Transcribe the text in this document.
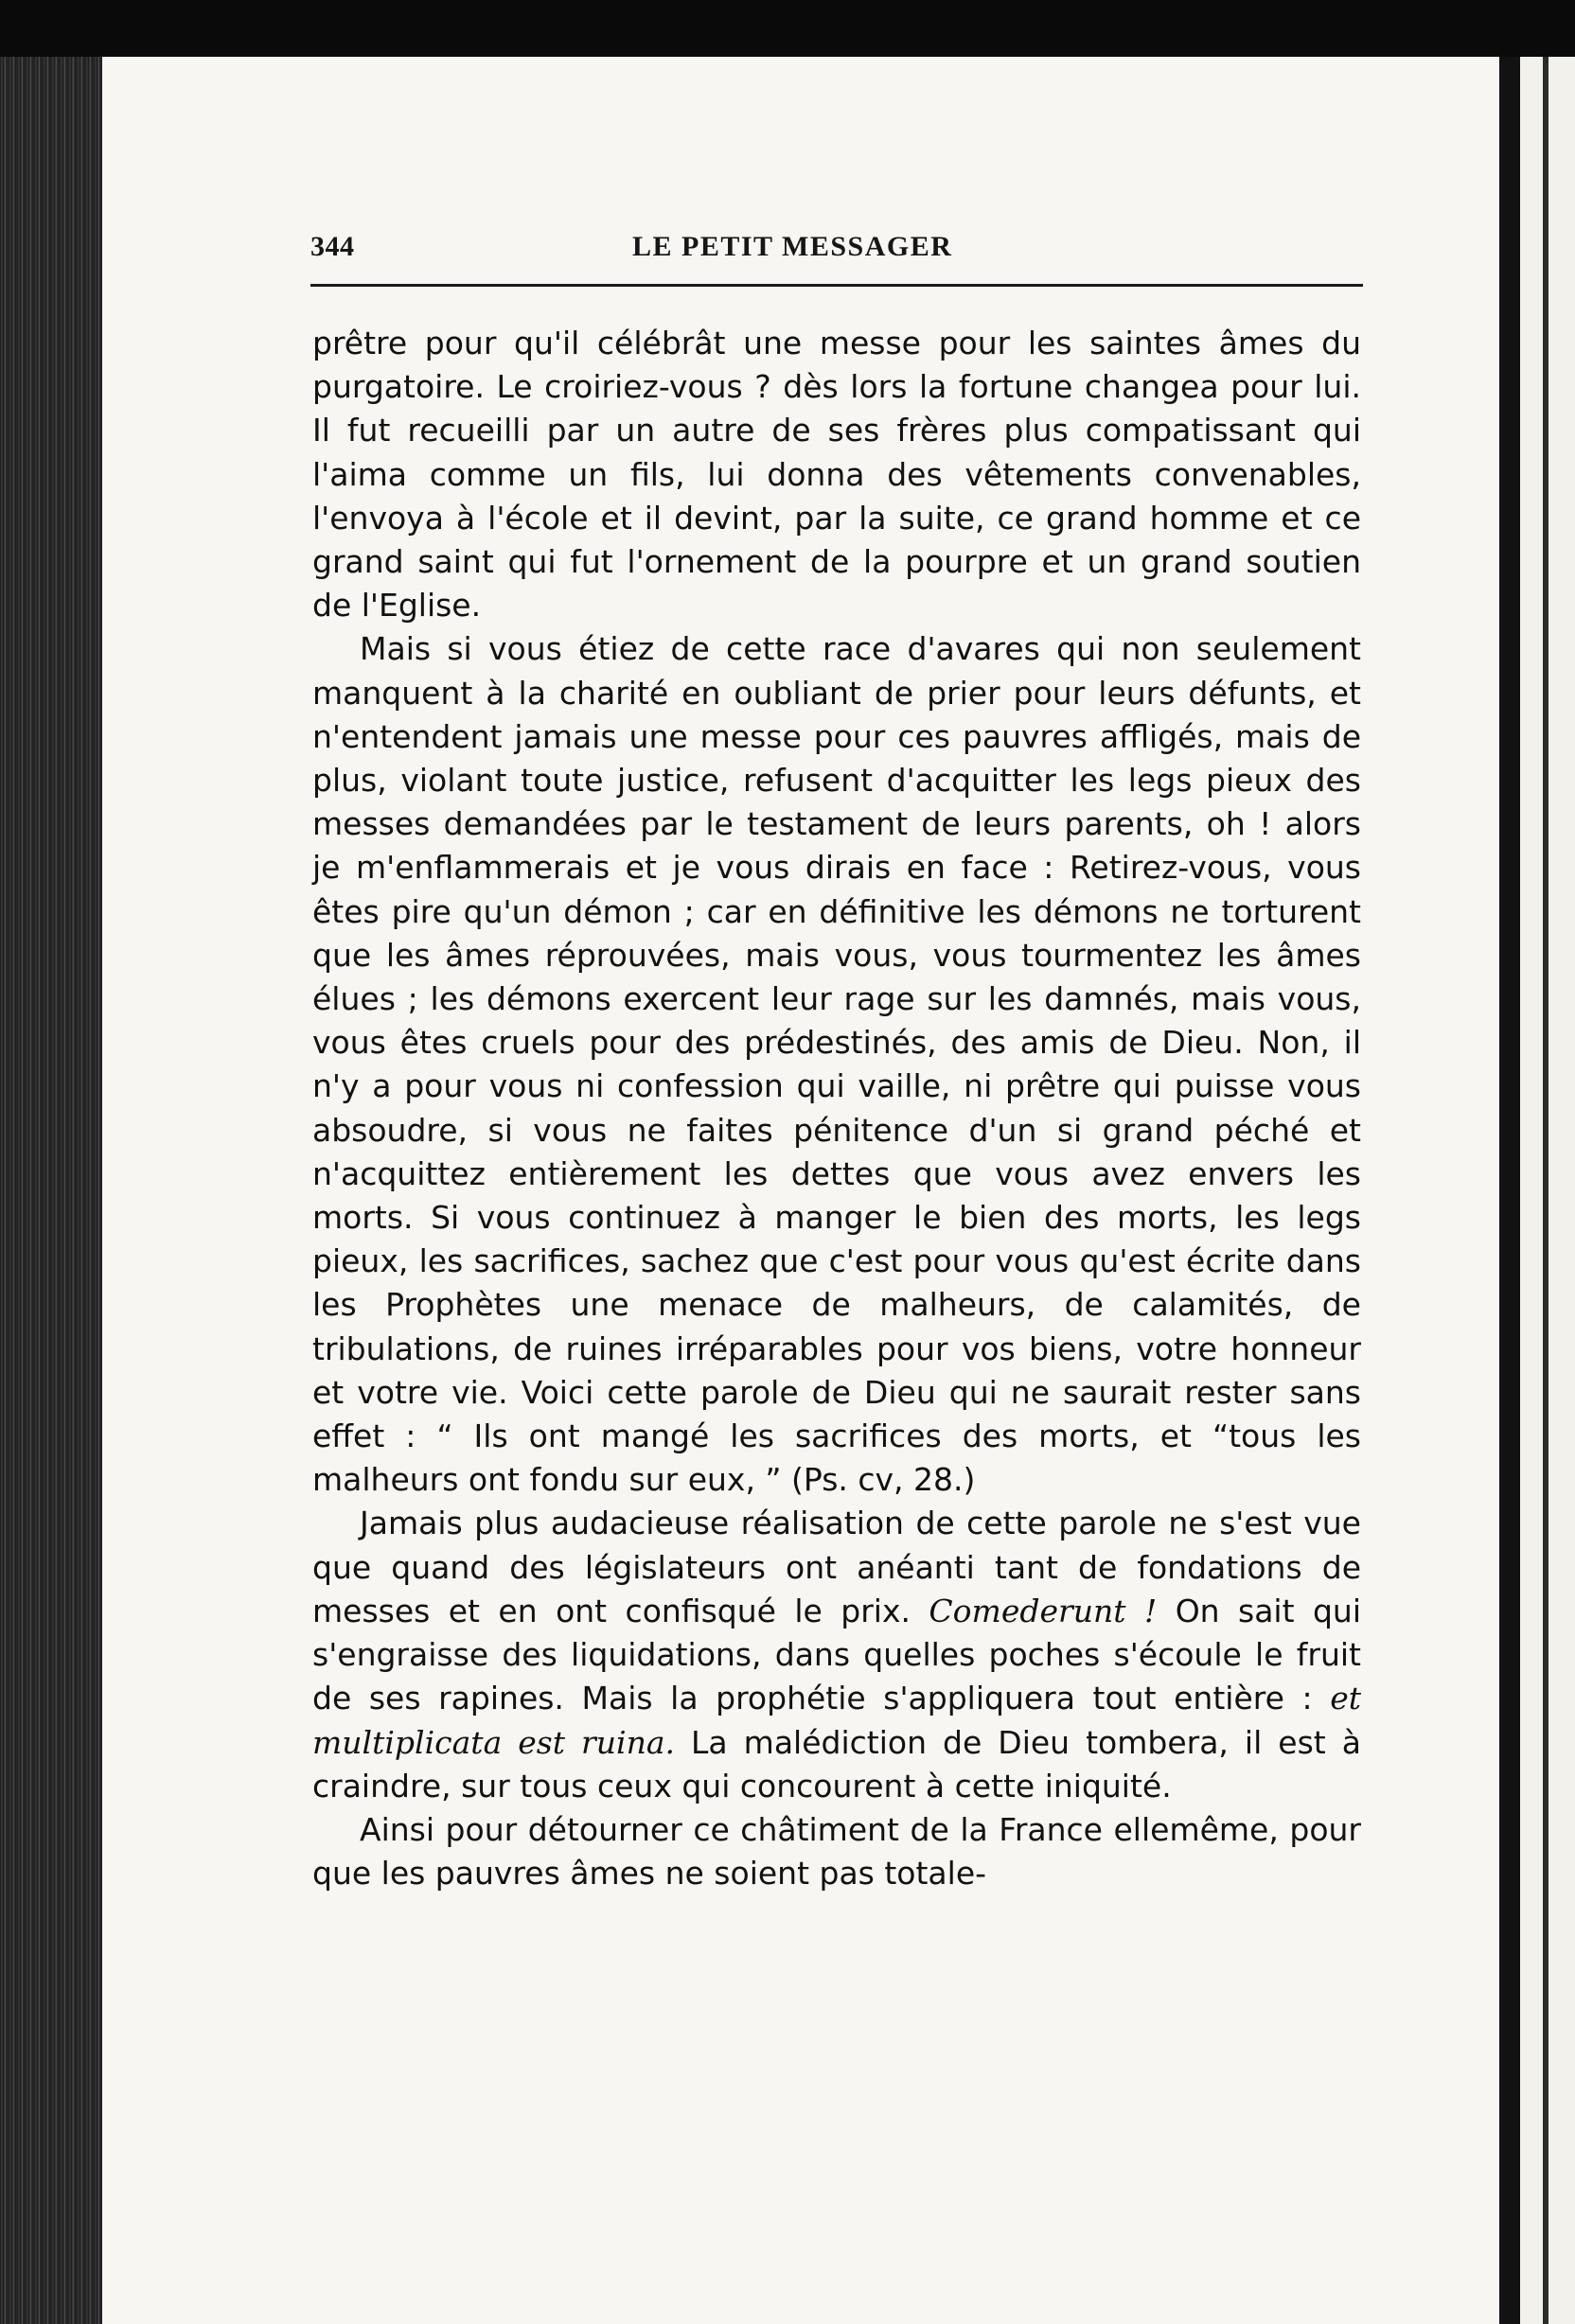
344	LE PETIT MESSAGER

prêtre pour qu'il célébrât une messe pour les saintes âmes du purgatoire. Le croiriez-vous ? dès lors la fortune changea pour lui. Il fut recueilli par un autre de ses frères plus compatissant qui l'aima comme un fils, lui donna des vêtements convenables, l'envoya à l'école et il devint, par la suite, ce grand homme et ce grand saint qui fut l'ornement de la pourpre et un grand soutien de l'Eglise.

Mais si vous étiez de cette race d'avares qui non seulement manquent à la charité en oubliant de prier pour leurs défunts, et n'entendent jamais une messe pour ces pauvres affligés, mais de plus, violant toute justice, refusent d'acquitter les legs pieux des messes demandées par le testament de leurs parents, oh ! alors je m'enflammerais et je vous dirais en face : Retirez-vous, vous êtes pire qu'un démon ; car en définitive les démons ne torturent que les âmes réprouvées, mais vous, vous tourmentez les âmes élues ; les démons exercent leur rage sur les damnés, mais vous, vous êtes cruels pour des prédestinés, des amis de Dieu. Non, il n'y a pour vous ni confession qui vaille, ni prêtre qui puisse vous absoudre, si vous ne faites pénitence d'un si grand péché et n'acquittez entièrement les dettes que vous avez envers les morts. Si vous continuez à manger le bien des morts, les legs pieux, les sacrifices, sachez que c'est pour vous qu'est écrite dans les Prophètes une menace de malheurs, de calamités, de tribulations, de ruines irréparables pour vos biens, votre honneur et votre vie. Voici cette parole de Dieu qui ne saurait rester sans effet : “ Ils ont mangé les sacrifices des morts, et “tous les malheurs ont fondu sur eux, ” (Ps. cv, 28.)

Jamais plus audacieuse réalisation de cette parole ne s'est vue que quand des législateurs ont anéanti tant de fondations de messes et en ont confisqué le prix. Comederunt ! On sait qui s'engraisse des liquidations, dans quelles poches s'écoule le fruit de ses rapines. Mais la prophétie s'appliquera tout entière : et multiplicata est ruina. La malédiction de Dieu tombera, il est à craindre, sur tous ceux qui concourent à cette iniquité.

Ainsi pour détourner ce châtiment de la France ellemême, pour que les pauvres âmes ne soient pas totale-
